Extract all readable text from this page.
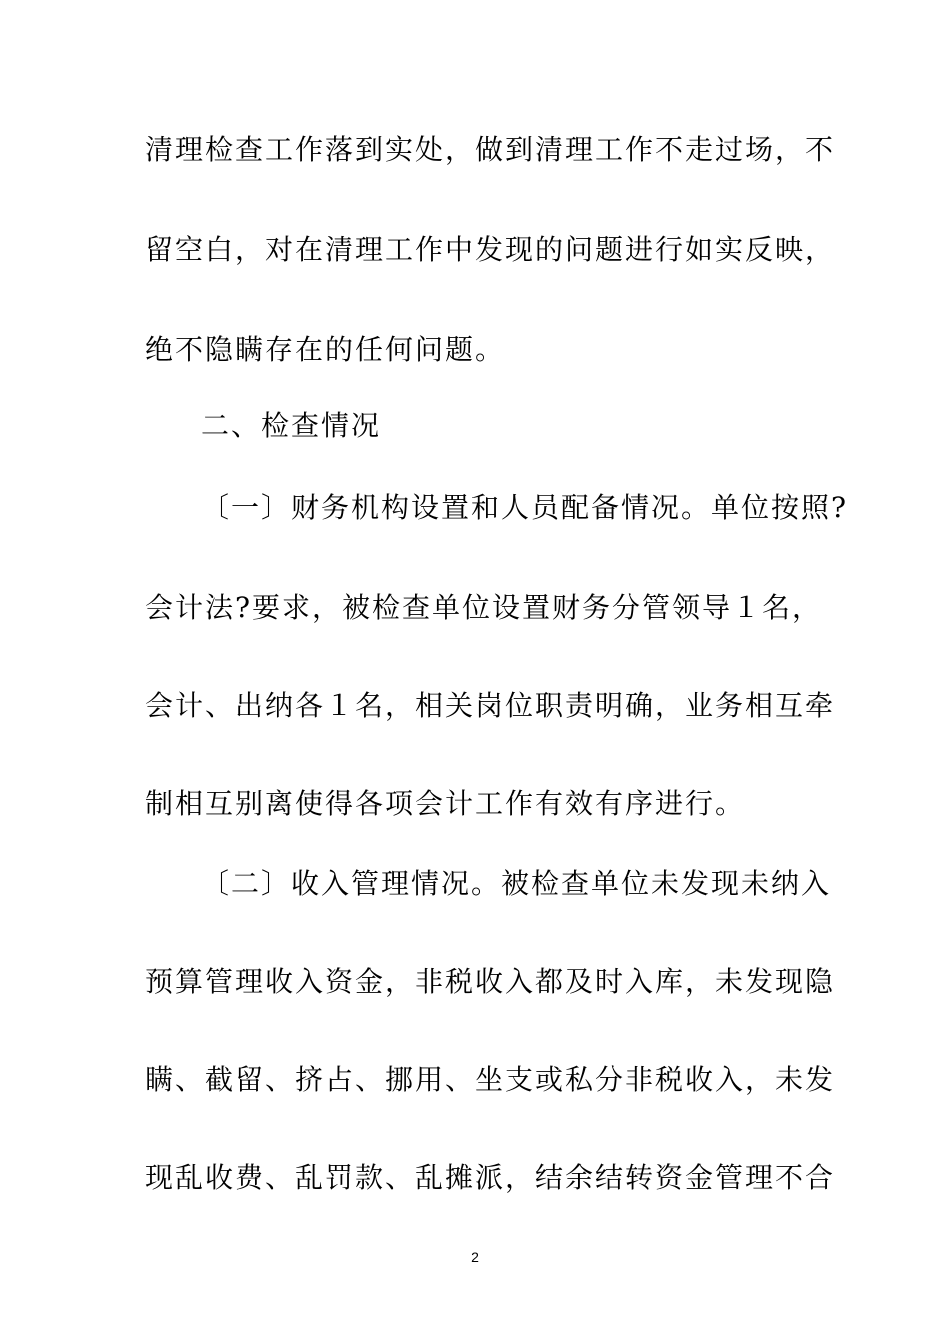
清理检查工作落到实处，做到清理工作不走过场，不
留空白，对在清理工作中发现的问题进行如实反映，
绝不隐瞒存在的任何问题。
二、检查情况
〔一〕财务机构设置和人员配备情况。单位按照?
会计法?要求，被检查单位设置财务分管领导１名，
会计、出纳各１名，相关岗位职责明确，业务相互牵
制相互别离使得各项会计工作有效有序进行。
〔二〕收入管理情况。被检查单位未发现未纳入
预算管理收入资金，非税收入都及时入库，未发现隐
瞒、截留、挤占、挪用、坐支或私分非税收入，未发
现乱收费、乱罚款、乱摊派，结余结转资金管理不合
2
